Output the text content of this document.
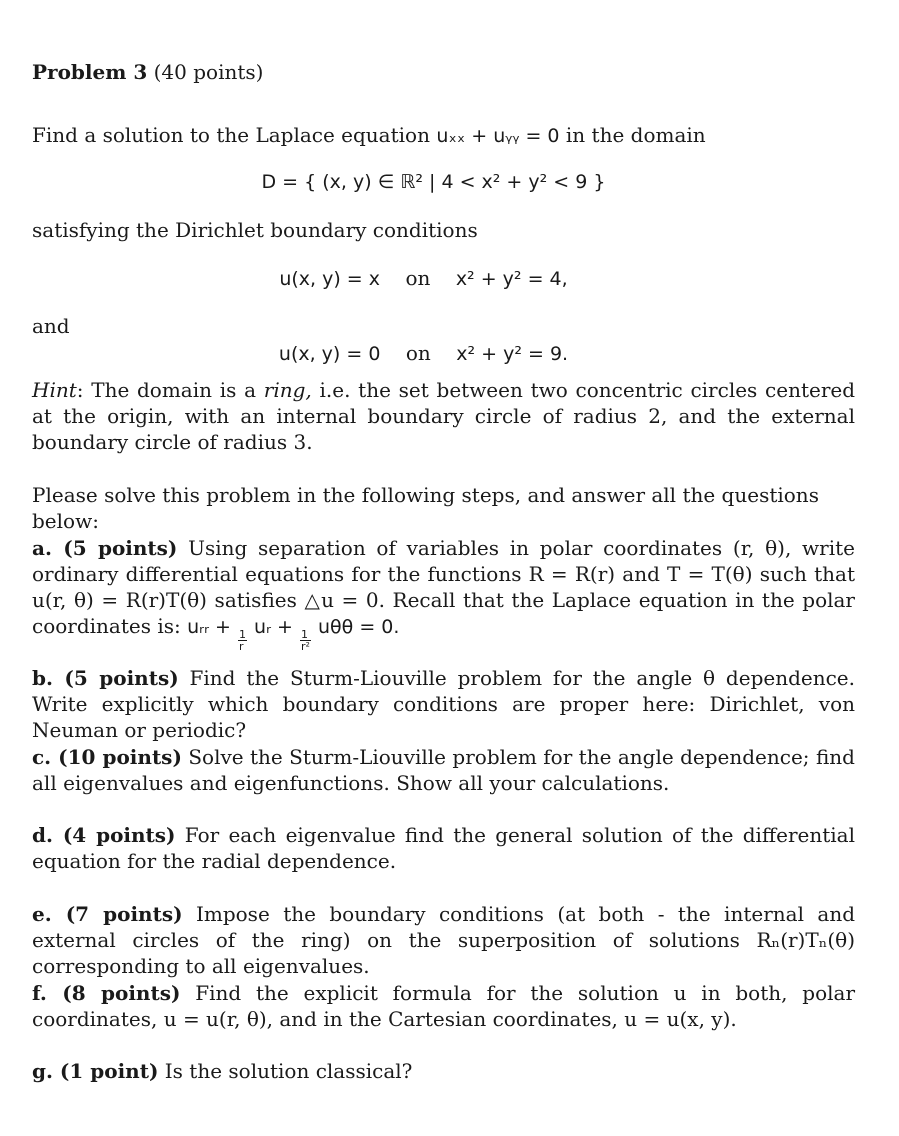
Problem 3 (40 points)
Find a solution to the Laplace equation uₓₓ + uᵧᵧ = 0 in the domain
D = { (x, y) ∈ ℝ² | 4 < x² + y² < 9 }
satisfying the Dirichlet boundary conditions
u(x, y) = x on x² + y² = 4,
and
u(x, y) = 0 on x² + y² = 9.
Hint: The domain is a ring, i.e. the set between two concentric circles centered at the origin, with an internal boundary circle of radius 2, and the external boundary circle of radius 3.
Please solve this problem in the following steps, and answer all the questions below:
a. (5 points) Using separation of variables in polar coordinates (r, θ), write ordinary differential equations for the functions R = R(r) and T = T(θ) such that u(r, θ) = R(r)T(θ) satisfies △u = 0. Recall that the Laplace equation in the polar coordinates is: uᵣᵣ +
$\frac{1}{r}$
uᵣ +
$\frac{1}{\text{r²}}$
uθθ = 0.
b. (5 points) Find the Sturm-Liouville problem for the angle θ dependence. Write explicitly which boundary conditions are proper here: Dirichlet, von Neuman or periodic?
c. (10 points) Solve the Sturm-Liouville problem for the angle dependence; find all eigenvalues and eigenfunctions. Show all your calculations.
d. (4 points) For each eigenvalue find the general solution of the differential equation for the radial dependence.
e. (7 points) Impose the boundary conditions (at both - the internal and external circles of the ring) on the superposition of solutions Rₙ(r)Tₙ(θ) corresponding to all eigenvalues.
f. (8 points) Find the explicit formula for the solution u in both, polar coordinates, u = u(r, θ), and in the Cartesian coordinates, u = u(x, y).
g. (1 point) Is the solution classical?
